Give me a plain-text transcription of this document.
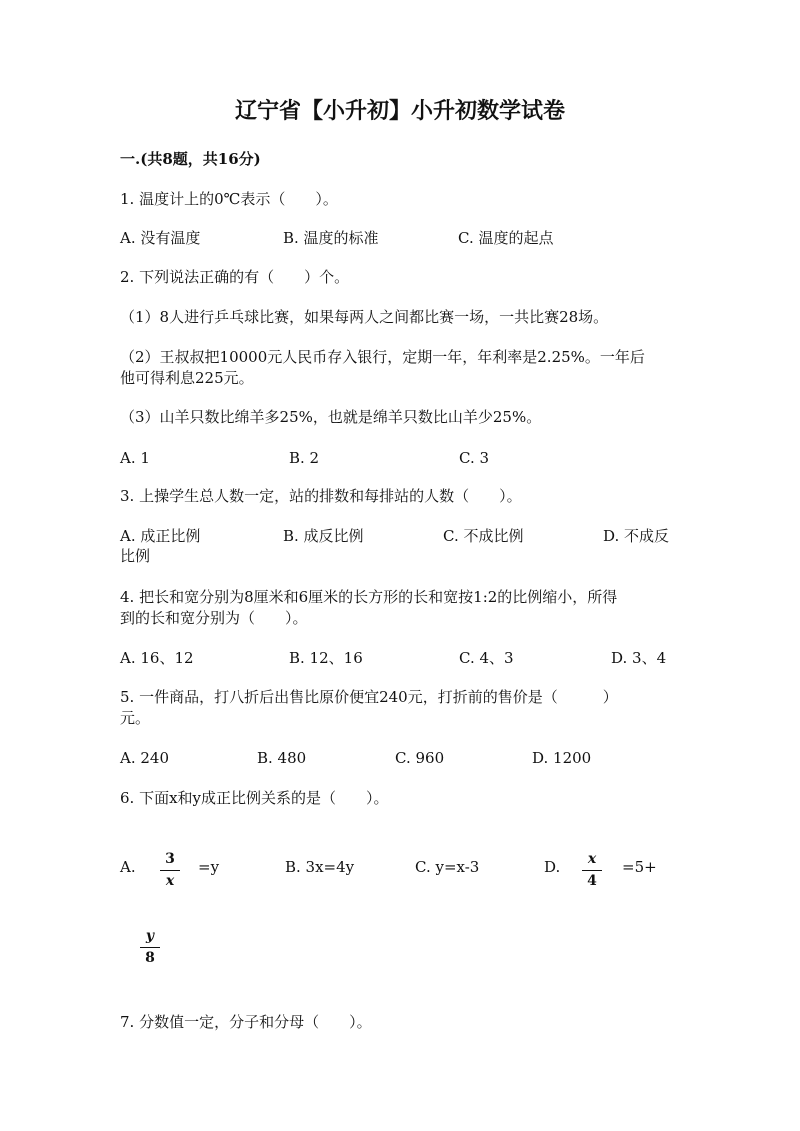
辽宁省【小升初】小升初数学试卷
一.(共8题，共16分)
1. 温度计上的0℃表示（　　）。
A. 没有温度	B. 温度的标准	C. 温度的起点
2. 下列说法正确的有（　　）个。
（1）8人进行乒乓球比赛，如果每两人之间都比赛一场，一共比赛28场。
（2）王叔叔把10000元人民币存入银行，定期一年，年利率是2.25%。一年后
他可得利息225元。
（3）山羊只数比绵羊多25%，也就是绵羊只数比山羊少25%。
A. 1	B. 2	C. 3
3. 上操学生总人数一定，站的排数和每排站的人数（　　）。
A. 成正比例	B. 成反比例	C. 不成比例	D. 不成反
比例
4. 把长和宽分别为8厘米和6厘米的长方形的长和宽按1:2的比例缩小，所得
到的长和宽分别为（　　）。
A. 16、12	B. 12、16	C. 4、3	D. 3、4
5. 一件商品，打八折后出售比原价便宜240元，打折前的售价是（　　　）
元。
A. 240	B. 480	C. 960	D. 1200
6. 下面x和y成正比例关系的是（　　）。
A.	3
x
=y	B. 3x=4y	C. y=x-3	D.	x
4
=5+
y
8
7. 分数值一定，分子和分母（　　）。
